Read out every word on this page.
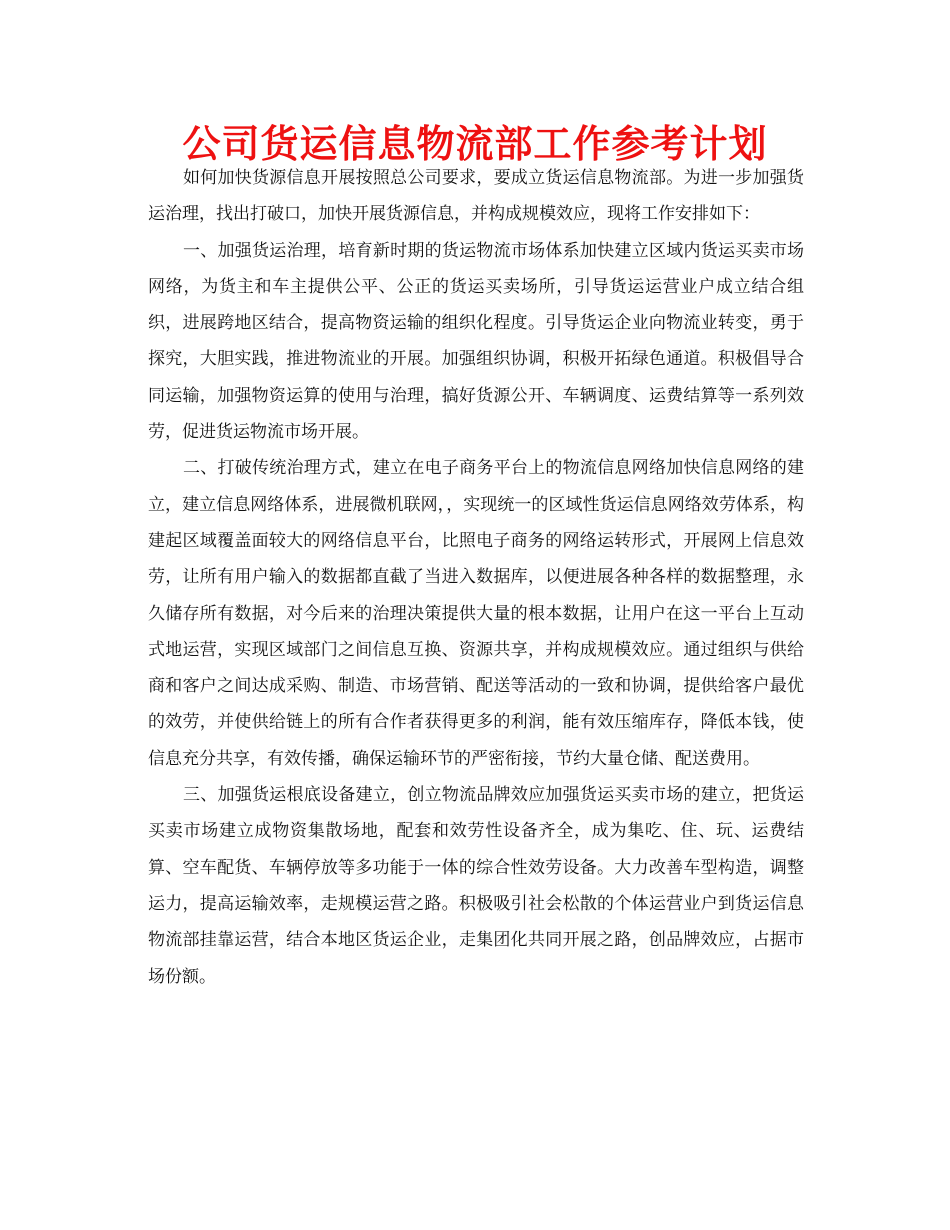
公司货运信息物流部工作参考计划

如何加快货源信息开展按照总公司要求，要成立货运信息物流部。为进一步加强货运治理，找出打破口，加快开展货源信息，并构成规模效应，现将工作安排如下：

一、加强货运治理，培育新时期的货运物流市场体系加快建立区域内货运买卖市场网络，为货主和车主提供公平、公正的货运买卖场所，引导货运运营业户成立结合组织，进展跨地区结合，提高物资运输的组织化程度。引导货运企业向物流业转变，勇于探究，大胆实践，推进物流业的开展。加强组织协调，积极开拓绿色通道。积极倡导合同运输，加强物资运算的使用与治理，搞好货源公开、车辆调度、运费结算等一系列效劳，促进货运物流市场开展。

二、打破传统治理方式，建立在电子商务平台上的物流信息网络加快信息网络的建立，建立信息网络体系，进展微机联网，，实现统一的区域性货运信息网络效劳体系，构建起区域覆盖面较大的网络信息平台，比照电子商务的网络运转形式，开展网上信息效劳，让所有用户输入的数据都直截了当进入数据库，以便进展各种各样的数据整理，永久储存所有数据，对今后来的治理决策提供大量的根本数据，让用户在这一平台上互动式地运营，实现区域部门之间信息互换、资源共享，并构成规模效应。通过组织与供给商和客户之间达成采购、制造、市场营销、配送等活动的一致和协调，提供给客户最优的效劳，并使供给链上的所有合作者获得更多的利润，能有效压缩库存，降低本钱，使信息充分共享，有效传播，确保运输环节的严密衔接，节约大量仓储、配送费用。

三、加强货运根底设备建立，创立物流品牌效应加强货运买卖市场的建立，把货运买卖市场建立成物资集散场地，配套和效劳性设备齐全，成为集吃、住、玩、运费结算、空车配货、车辆停放等多功能于一体的综合性效劳设备。大力改善车型构造，调整运力，提高运输效率，走规模运营之路。积极吸引社会松散的个体运营业户到货运信息物流部挂靠运营，结合本地区货运企业，走集团化共同开展之路，创品牌效应，占据市场份额。
